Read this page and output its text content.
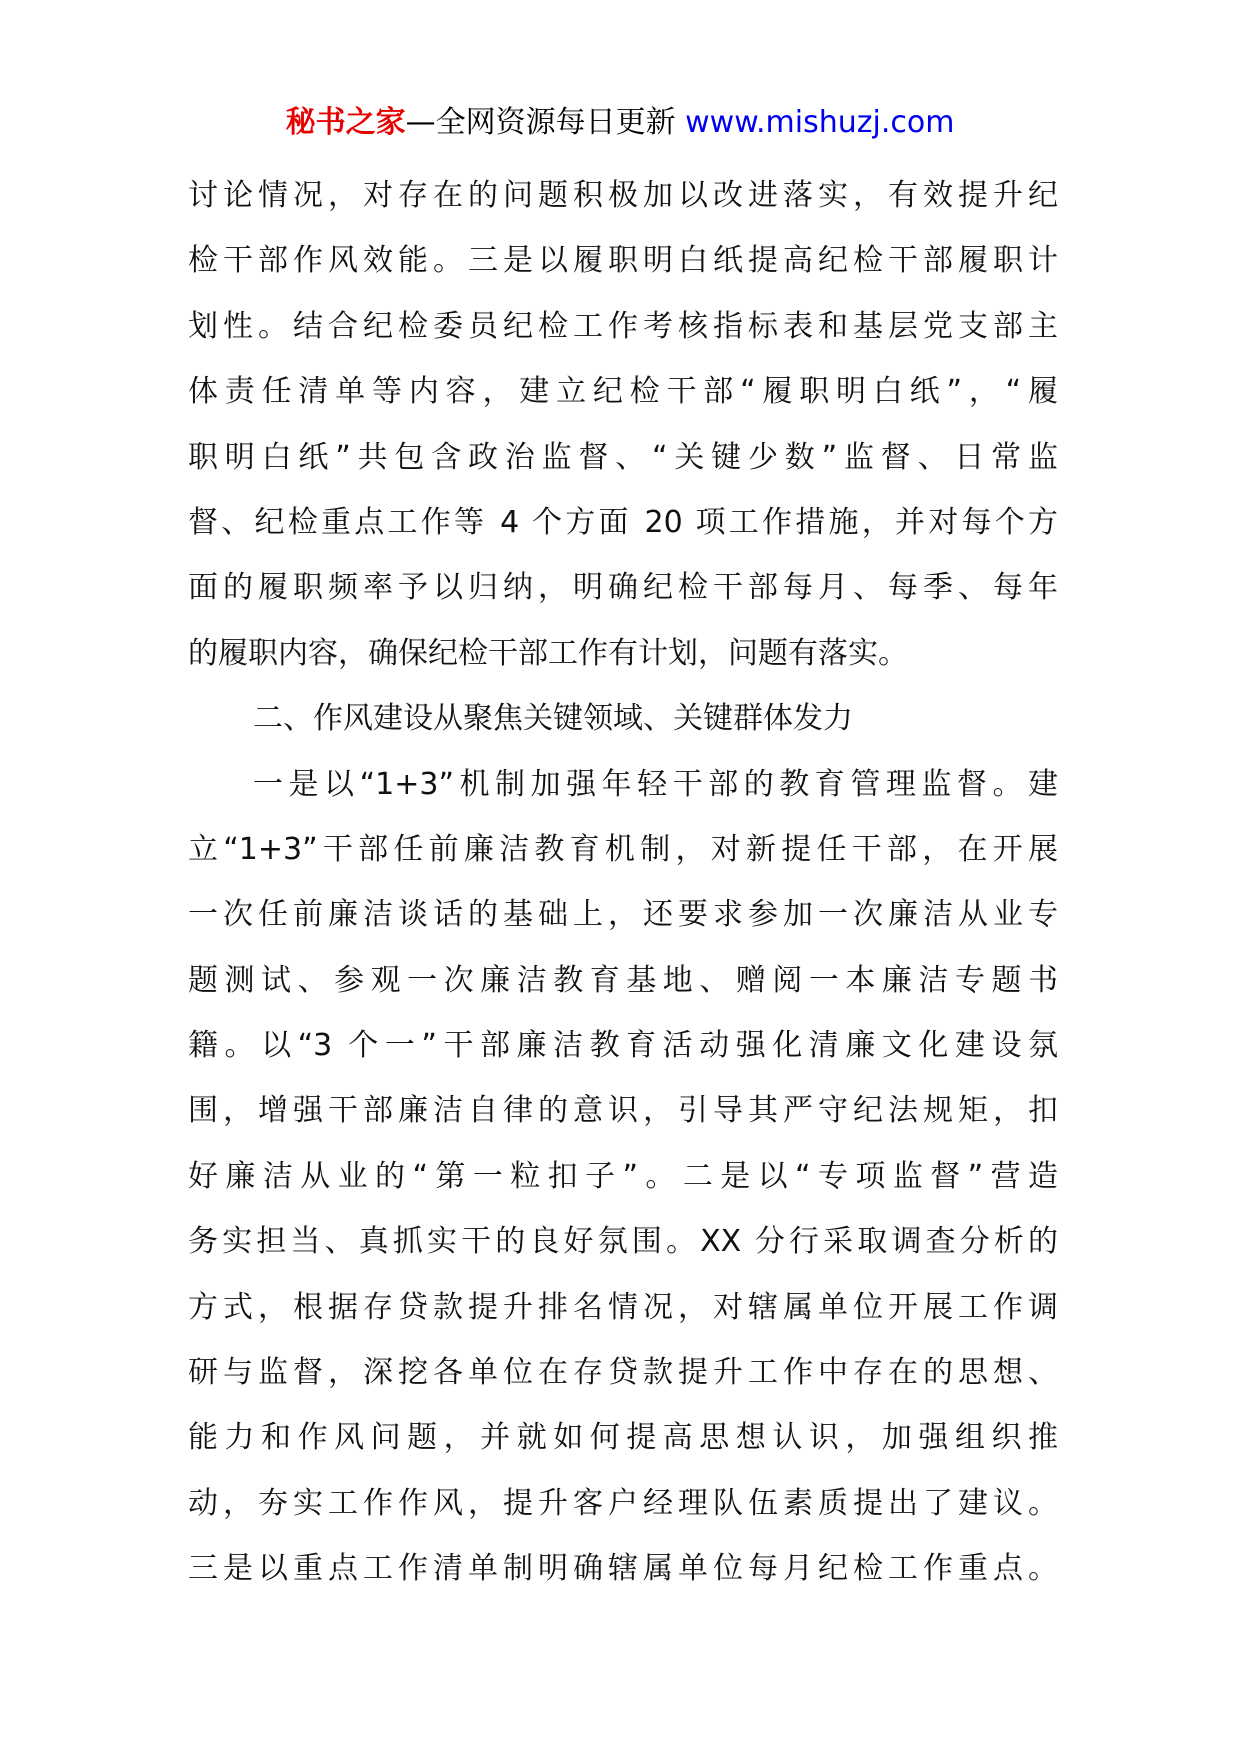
秘书之家—全网资源每日更新 www.mishuzj.com
讨论情况，对存在的问题积极加以改进落实，有效提升纪
检干部作风效能。三是以履职明白纸提高纪检干部履职计
划性。结合纪检委员纪检工作考核指标表和基层党支部主
体责任清单等内容，建立纪检干部“履职明白纸”，“履
职明白纸”共包含政治监督、“关键少数”监督、日常监
督、纪检重点工作等 4 个方面 20 项工作措施，并对每个方
面的履职频率予以归纳，明确纪检干部每月、每季、每年
的履职内容，确保纪检干部工作有计划，问题有落实。
二、作风建设从聚焦关键领域、关键群体发力
一是以“1+3”机制加强年轻干部的教育管理监督。建
立“1+3”干部任前廉洁教育机制，对新提任干部，在开展
一次任前廉洁谈话的基础上，还要求参加一次廉洁从业专
题测试、参观一次廉洁教育基地、赠阅一本廉洁专题书
籍。以“3 个一”干部廉洁教育活动强化清廉文化建设氛
围，增强干部廉洁自律的意识，引导其严守纪法规矩，扣
好廉洁从业的“第一粒扣子”。二是以“专项监督”营造
务实担当、真抓实干的良好氛围。XX 分行采取调查分析的
方式，根据存贷款提升排名情况，对辖属单位开展工作调
研与监督，深挖各单位在存贷款提升工作中存在的思想、
能力和作风问题，并就如何提高思想认识，加强组织推
动，夯实工作作风，提升客户经理队伍素质提出了建议。
三是以重点工作清单制明确辖属单位每月纪检工作重点。
